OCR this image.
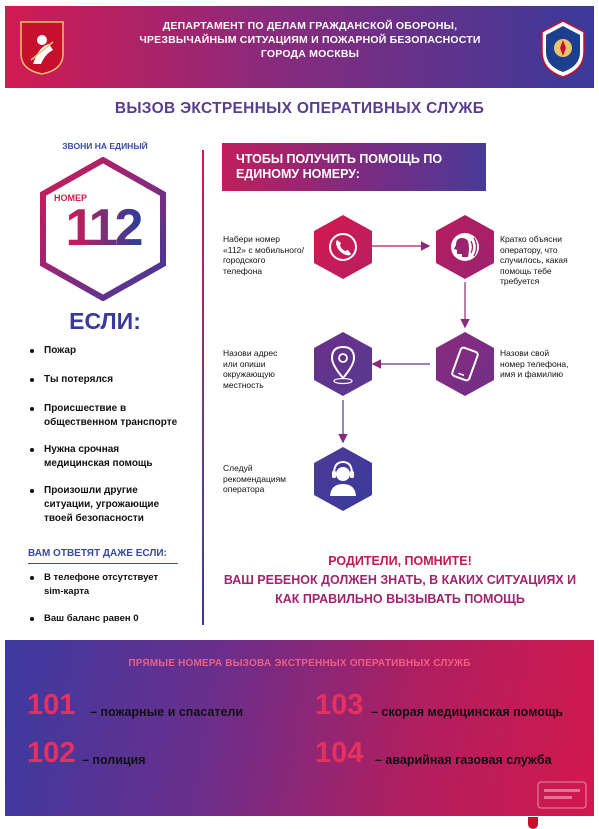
ДЕПАРТАМЕНТ ПО ДЕЛАМ ГРАЖДАНСКОЙ ОБОРОНЫ,
ЧРЕЗВЫЧАЙНЫМ СИТУАЦИЯМ И ПОЖАРНОЙ БЕЗОПАСНОСТИ
ГОРОДА МОСКВЫ
ВЫЗОВ ЭКСТРЕННЫХ ОПЕРАТИВНЫХ СЛУЖБ
ЗВОНИ НА ЕДИНЫЙ
НОМЕР
112
ЕСЛИ:
Пожар
Ты потерялся
Происшествие в общественном транспорте
Нужна срочная медицинская помощь
Произошли другие ситуации, угрожающие твоей безопасности
ВАМ ОТВЕТЯТ ДАЖЕ ЕСЛИ:
В телефоне отсутствует sim-карта
Ваш баланс равен 0
ЧТОБЫ ПОЛУЧИТЬ ПОМОЩЬ ПО
ЕДИНОМУ НОМЕРУ:
Набери номер
«112» с мобильного/
городского
телефона
Кратко объясни
оператору, что
случилось, какая
помощь тебе
требуется
Назови свой
номер телефона,
имя и фамилию
Назови адрес
или опиши
окружающую
местность
Следуй
рекомендациям
оператора
РОДИТЕЛИ, ПОМНИТЕ!
ВАШ РЕБЕНОК ДОЛЖЕН ЗНАТЬ, В КАКИХ СИТУАЦИЯХ И
КАК ПРАВИЛЬНО ВЫЗЫВАТЬ ПОМОЩЬ
ПРЯМЫЕ НОМЕРА ВЫЗОВА ЭКСТРЕННЫХ ОПЕРАТИВНЫХ СЛУЖБ
101 – пожарные и спасатели 103 – скорая медицинская помощь
102 – полиция	104 – аварийная газовая служба
